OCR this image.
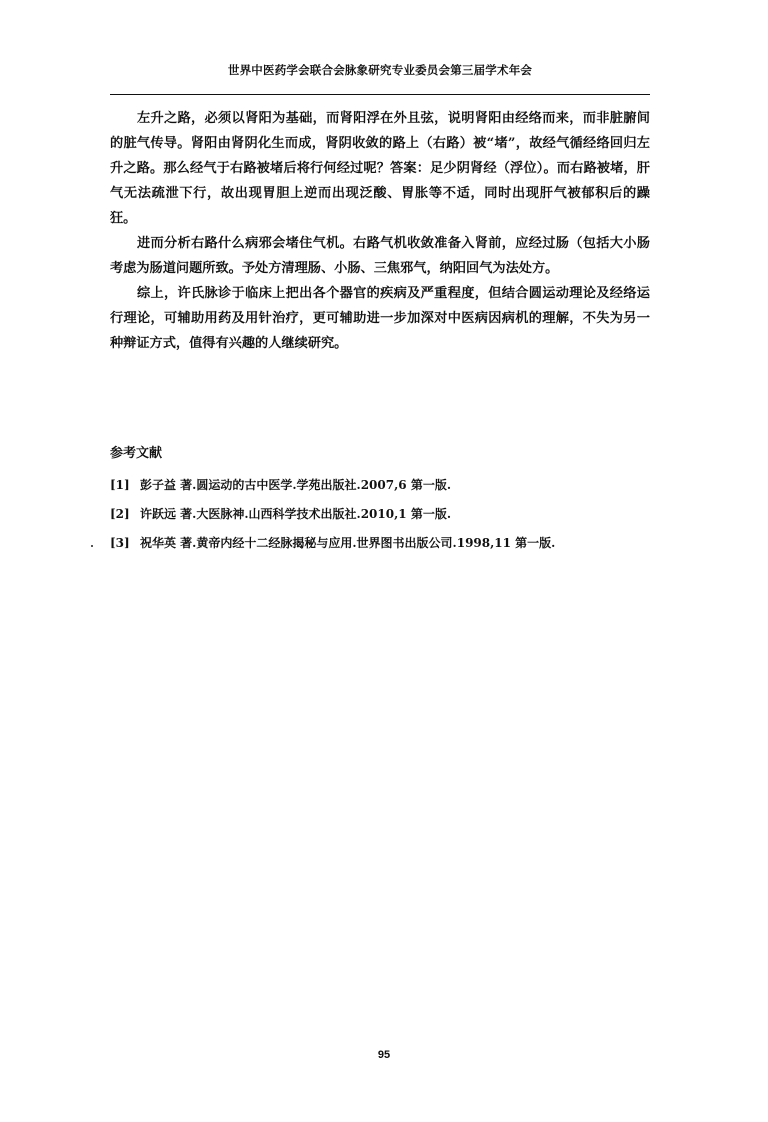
世界中医药学会联合会脉象研究专业委员会第三届学术年会

左升之路，必须以肾阳为基础，而肾阳浮在外且弦，说明肾阳由经络而来，而非脏腑间的脏气传导。肾阳由肾阴化生而成，肾阴收敛的路上（右路）被“堵”，故经气循经络回归左升之路。那么经气于右路被堵后将行何经过呢？答案：足少阴肾经（浮位）。而右路被堵，肝气无法疏泄下行，故出现胃胆上逆而出现泛酸、胃胀等不适，同时出现肝气被郁积后的躁狂。

进而分析右路什么病邪会堵住气机。右路气机收敛准备入肾前，应经过肠（包括大小肠考虑为肠道问题所致。予处方清理肠、小肠、三焦邪气，纳阳回气为法处方。

综上，许氏脉诊于临床上把出各个器官的疾病及严重程度，但结合圆运动理论及经络运行理论，可辅助用药及用针治疗，更可辅助进一步加深对中医病因病机的理解，不失为另一种辩证方式，值得有兴趣的人继续研究。

参考文献
[1] 彭子益 著.圆运动的古中医学.学苑出版社.2007,6 第一版.
[2] 许跃远 著.大医脉神.山西科学技术出版社.2010,1 第一版.
[3] 祝华英 著.黄帝内经十二经脉揭秘与应用.世界图书出版公司.1998,11 第一版.
95
